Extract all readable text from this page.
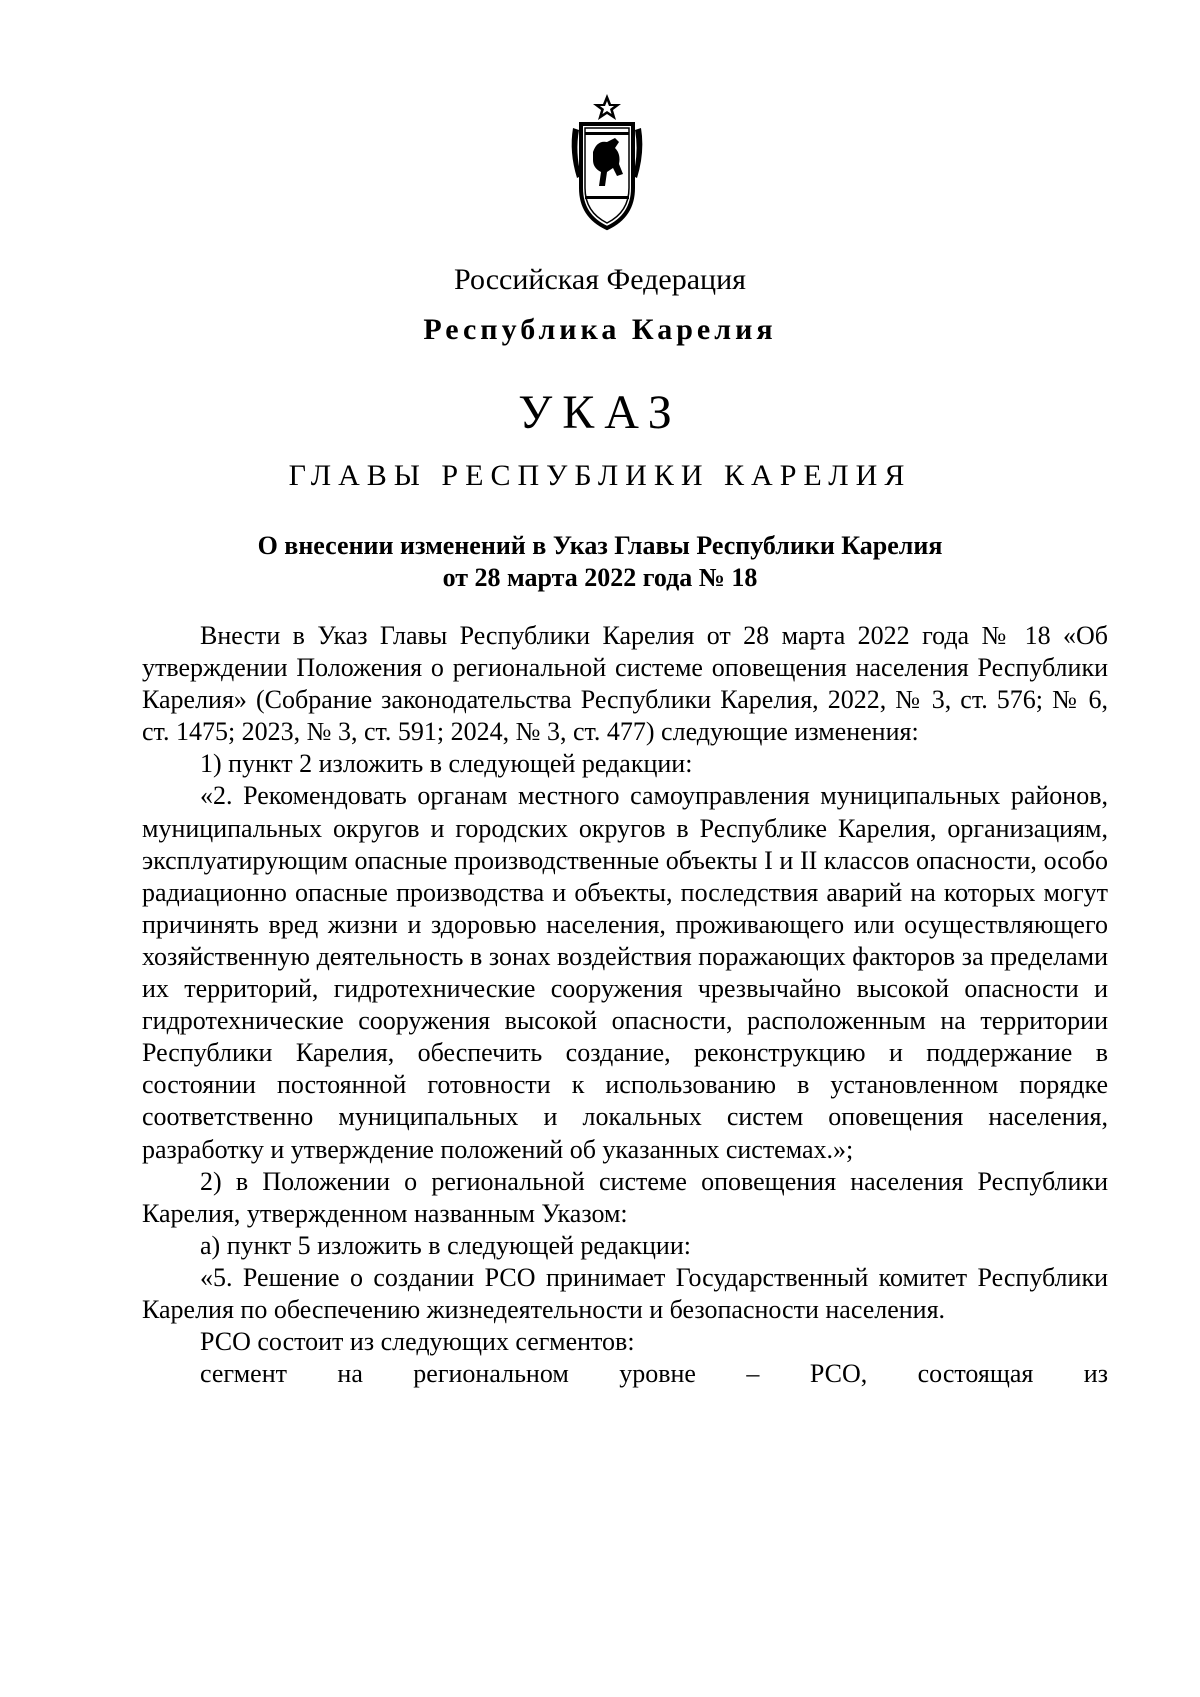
Российская Федерация
Республика Карелия
УКАЗ
ГЛАВЫ РЕСПУБЛИКИ КАРЕЛИЯ
О внесении изменений в Указ Главы Республики Карелия
от 28 марта 2022 года № 18

Внести в Указ Главы Республики Карелия от 28 марта 2022 года № 18 «Об утверждении Положения о региональной системе оповещения населения Республики Карелия» (Собрание законодательства Республики Карелия, 2022, № 3, ст. 576; № 6, ст. 1475; 2023, № 3, ст. 591; 2024, № 3, ст. 477) следующие изменения:

1) пункт 2 изложить в следующей редакции:

«2. Рекомендовать органам местного самоуправления муниципальных районов, муниципальных округов и городских округов в Республике Карелия, организациям, эксплуатирующим опасные производственные объекты I и II классов опасности, особо радиационно опасные производства и объекты, последствия аварий на которых могут причинять вред жизни и здоровью населения, проживающего или осуществляющего хозяйственную деятельность в зонах воздействия поражающих факторов за пределами их территорий, гидротехнические сооружения чрезвычайно высокой опасности и гидротехнические сооружения высокой опасности, расположенным на территории Республики Карелия, обеспечить создание, реконструкцию и поддержание в состоянии постоянной готовности к использованию в установленном порядке соответственно муниципальных и локальных систем оповещения населения, разработку и утверждение положений об указанных системах.»;

2) в Положении о региональной системе оповещения населения Республики Карелия, утвержденном названным Указом:

а) пункт 5 изложить в следующей редакции:

«5. Решение о создании РСО принимает Государственный комитет Республики Карелия по обеспечению жизнедеятельности и безопасности населения.

РСО состоит из следующих сегментов:

сегмент на региональном уровне – РСО, состоящая из
